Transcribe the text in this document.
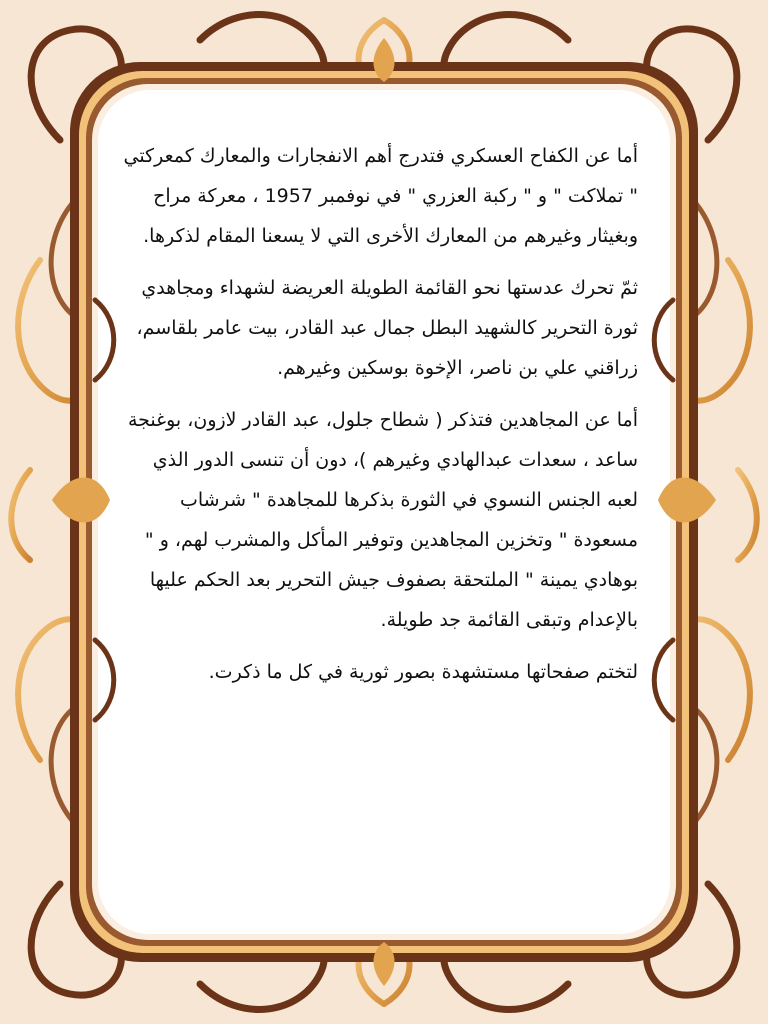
أما عن الكفاح العسكري فتدرج أهم الانفجارات والمعارك كمعركتي " تملاكت " و " ركبة العزري " في نوفمبر 1957 ، معركة مراح وبغيثار وغيرهم من المعارك الأخرى التي لا يسعنا المقام لذكرها.

ثمّ تحرك عدستها نحو القائمة الطويلة العريضة لشهداء ومجاهدي ثورة التحرير كالشهيد البطل جمال عبد القادر، بيت عامر بلقاسم، زراقني علي بن ناصر، الإخوة بوسكين وغيرهم.

أما عن المجاهدين فتذكر ( شطاح جلول، عبد القادر لازون، بوغنجة ساعد ، سعدات عبدالهادي وغيرهم )، دون أن تنسى الدور الذي لعبه الجنس النسوي في الثورة بذكرها للمجاهدة " شرشاب مسعودة " وتخزين المجاهدين وتوفير المأكل والمشرب لهم، و " بوهادي يمينة " الملتحقة بصفوف جيش التحرير بعد الحكم عليها بالإعدام وتبقى القائمة جد طويلة.

لتختم صفحاتها مستشهدة بصور ثورية في كل ما ذكرت.
